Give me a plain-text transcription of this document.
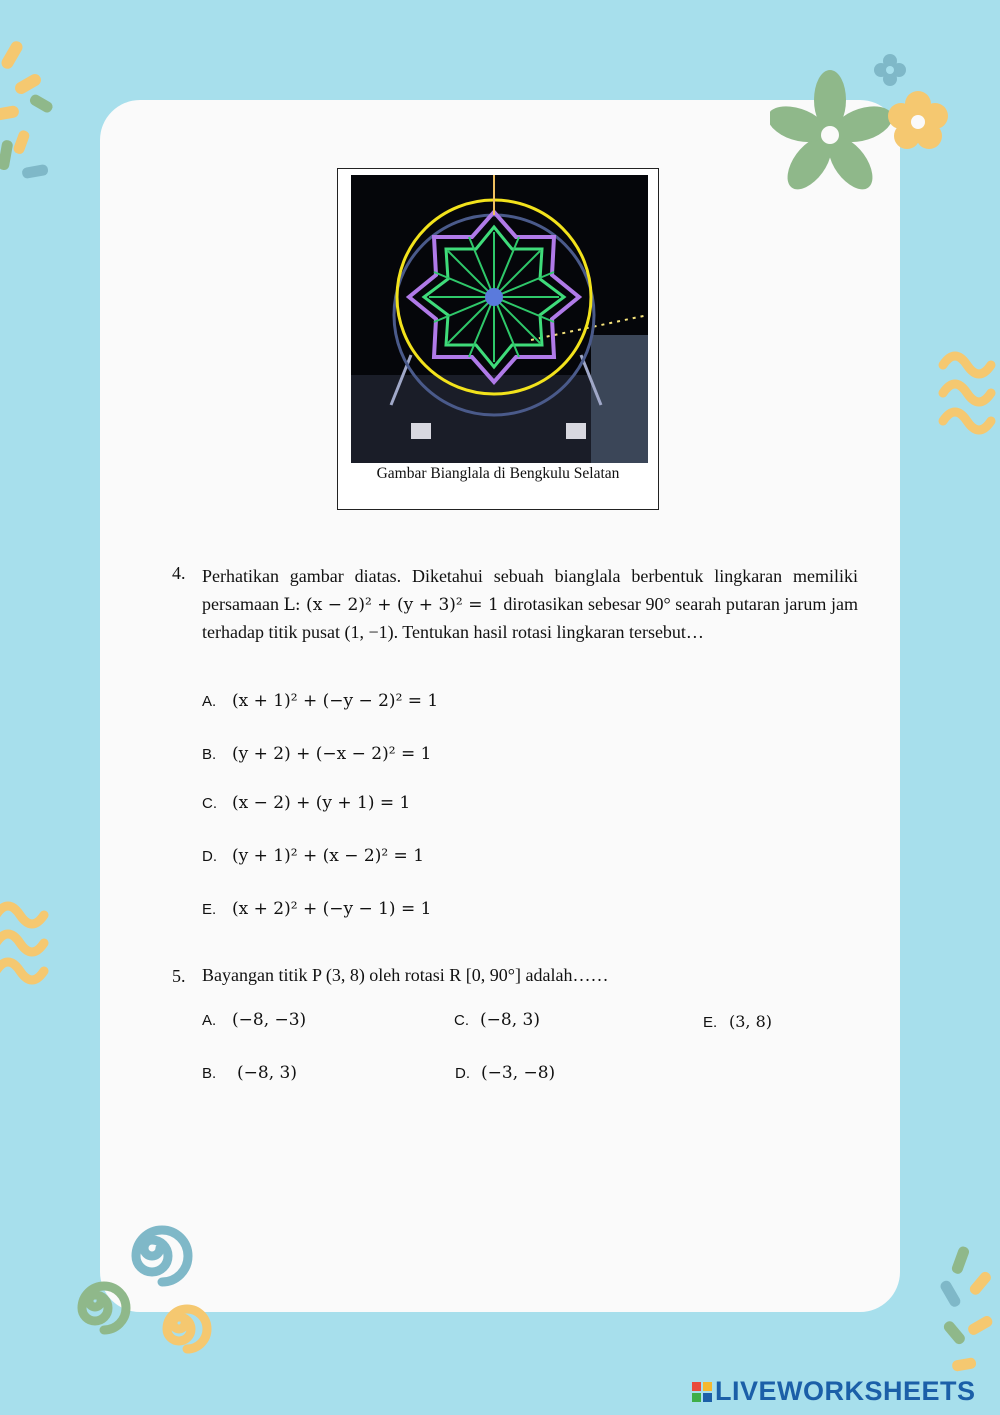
Gambar Bianglala di Bengkulu Selatan
4. Perhatikan gambar diatas. Diketahui sebuah bianglala berbentuk lingkaran memiliki persamaan L: (x − 2)² + (y + 3)² = 1 dirotasikan sebesar 90° searah putaran jarum jam terhadap titik pusat (1, −1). Tentukan hasil rotasi lingkaran tersebut…
A. (x + 1)² + (−y − 2)² = 1
B. (y + 2) + (−x − 2)² = 1
C. (x − 2) + (y + 1) = 1
D. (y + 1)² + (x − 2)² = 1
E. (x + 2)² + (−y − 1) = 1
5. Bayangan titik P (3, 8) oleh rotasi R [0, 90°] adalah……
A. (−8, −3)	C. (−8, 3)	E. (3, 8)
B. (−8, 3)	D. (−3, −8)
LIVEWORKSHEETS
